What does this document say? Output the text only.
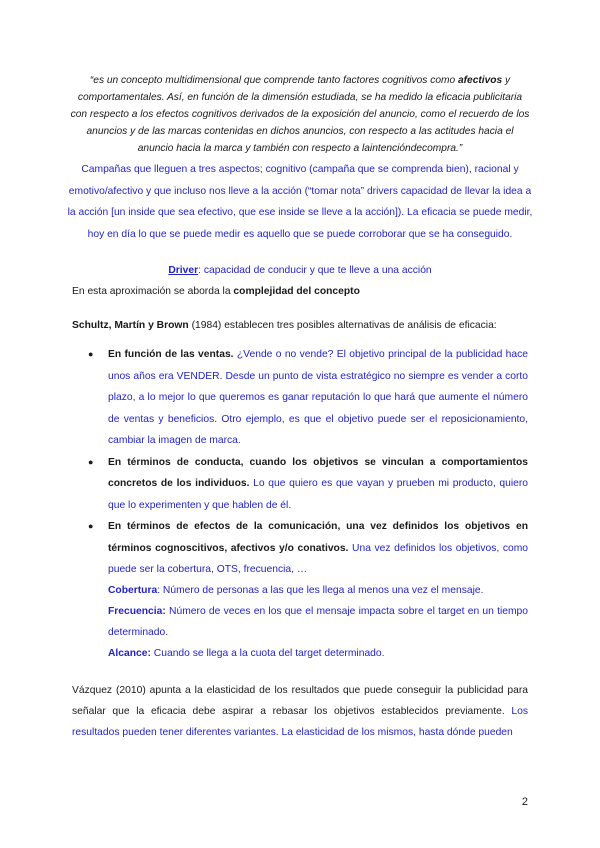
“es un concepto multidimensional que comprende tanto factores cognitivos como afectivos y comportamentales. Así, en función de la dimensión estudiada, se ha medido la eficacia publicitaria con respecto a los efectos cognitivos derivados de la exposición del anuncio, como el recuerdo de los anuncios y de las marcas contenidas en dichos anuncios, con respecto a las actitudes hacia el anuncio hacia la marca y también con respecto a laintencióndecompra.”

Campañas que lleguen a tres aspectos; cognitivo (campaña que se comprenda bien), racional y emotivo/afectivo y que incluso nos lleve a la acción (“tomar nota” drivers capacidad de llevar la idea a la acción [un inside que sea efectivo, que ese inside se lleve a la acción]). La eficacia se puede medir, hoy en día lo que se puede medir es aquello que se puede corroborar que se ha conseguido.

Driver: capacidad de conducir y que te lleve a una acción

En esta aproximación se aborda la complejidad del concepto

Schultz, Martín y Brown (1984) establecen tres posibles alternativas de análisis de eficacia:

● En función de las ventas. ¿Vende o no vende? El objetivo principal de la publicidad hace unos años era VENDER. Desde un punto de vista estratégico no siempre es vender a corto plazo, a lo mejor lo que queremos es ganar reputación lo que hará que aumente el número de ventas y beneficios. Otro ejemplo, es que el objetivo puede ser el reposicionamiento, cambiar la imagen de marca.
● En términos de conducta, cuando los objetivos se vinculan a comportamientos concretos de los individuos. Lo que quiero es que vayan y prueben mi producto, quiero que lo experimenten y que hablen de él.
● En términos de efectos de la comunicación, una vez definidos los objetivos en términos cognoscitivos, afectivos y/o conativos. Una vez definidos los objetivos, como puede ser la cobertura, OTS, frecuencia, …
Cobertura: Número de personas a las que les llega al menos una vez el mensaje.
Frecuencia: Número de veces en los que el mensaje impacta sobre el target en un tiempo determinado.
Alcance: Cuando se llega a la cuota del target determinado.

Vázquez (2010) apunta a la elasticidad de los resultados que puede conseguir la publicidad para señalar que la eficacia debe aspirar a rebasar los objetivos establecidos previamente. Los resultados pueden tener diferentes variantes. La elasticidad de los mismos, hasta dónde pueden

2
